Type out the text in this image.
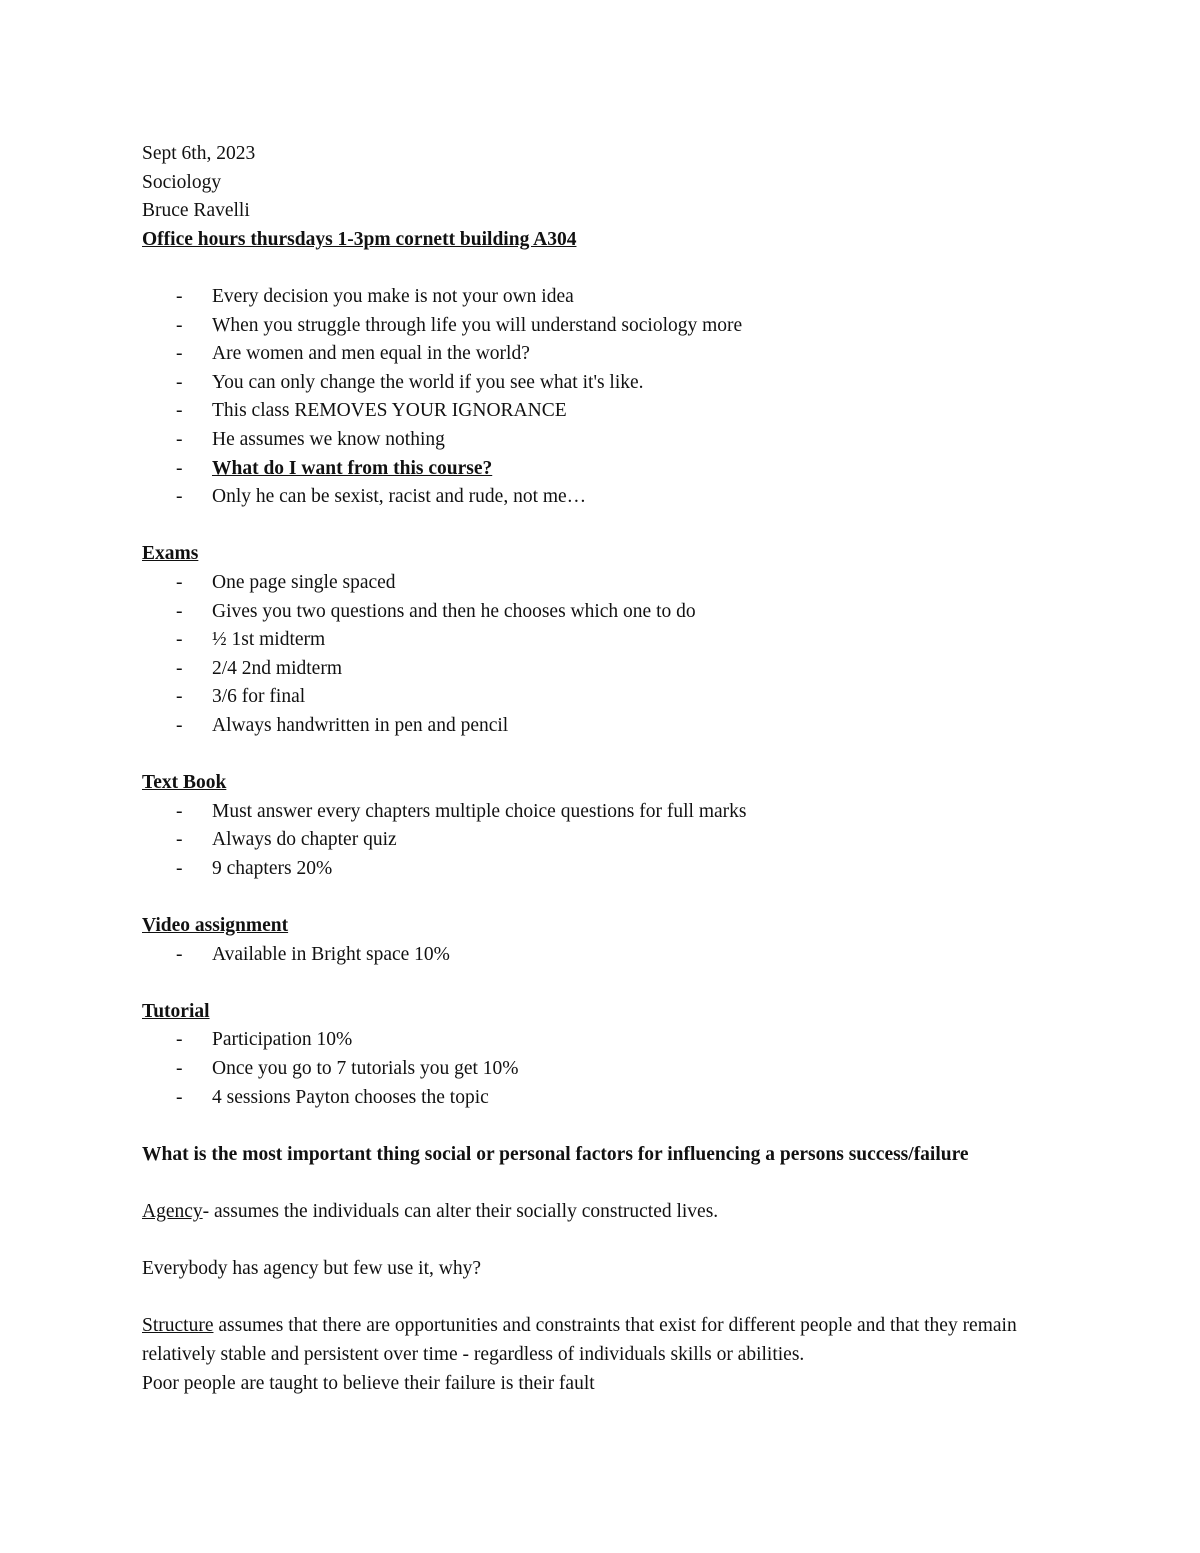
Sept 6th, 2023
Sociology
Bruce Ravelli
Office hours thursdays 1-3pm cornett building A304
- Every decision you make is not your own idea
- When you struggle through life you will understand sociology more
- Are women and men equal in the world?
- You can only change the world if you see what it's like.
- This class REMOVES YOUR IGNORANCE
- He assumes we know nothing
- What do I want from this course?
- Only he can be sexist, racist and rude, not me…
Exams
- One page single spaced
- Gives you two questions and then he chooses which one to do
- ½ 1st midterm
- 2/4 2nd midterm
- 3/6 for final
- Always handwritten in pen and pencil
Text Book
- Must answer every chapters multiple choice questions for full marks
- Always do chapter quiz
- 9 chapters 20%
Video assignment
- Available in Bright space 10%
Tutorial
- Participation 10%
- Once you go to 7 tutorials you get 10%
- 4 sessions Payton chooses the topic
What is the most important thing social or personal factors for influencing a persons success/failure
Agency- assumes the individuals can alter their socially constructed lives.
Everybody has agency but few use it, why?
Structure assumes that there are opportunities and constraints that exist for different people and that they remain relatively stable and persistent over time - regardless of individuals skills or abilities.
Poor people are taught to believe their failure is their fault
